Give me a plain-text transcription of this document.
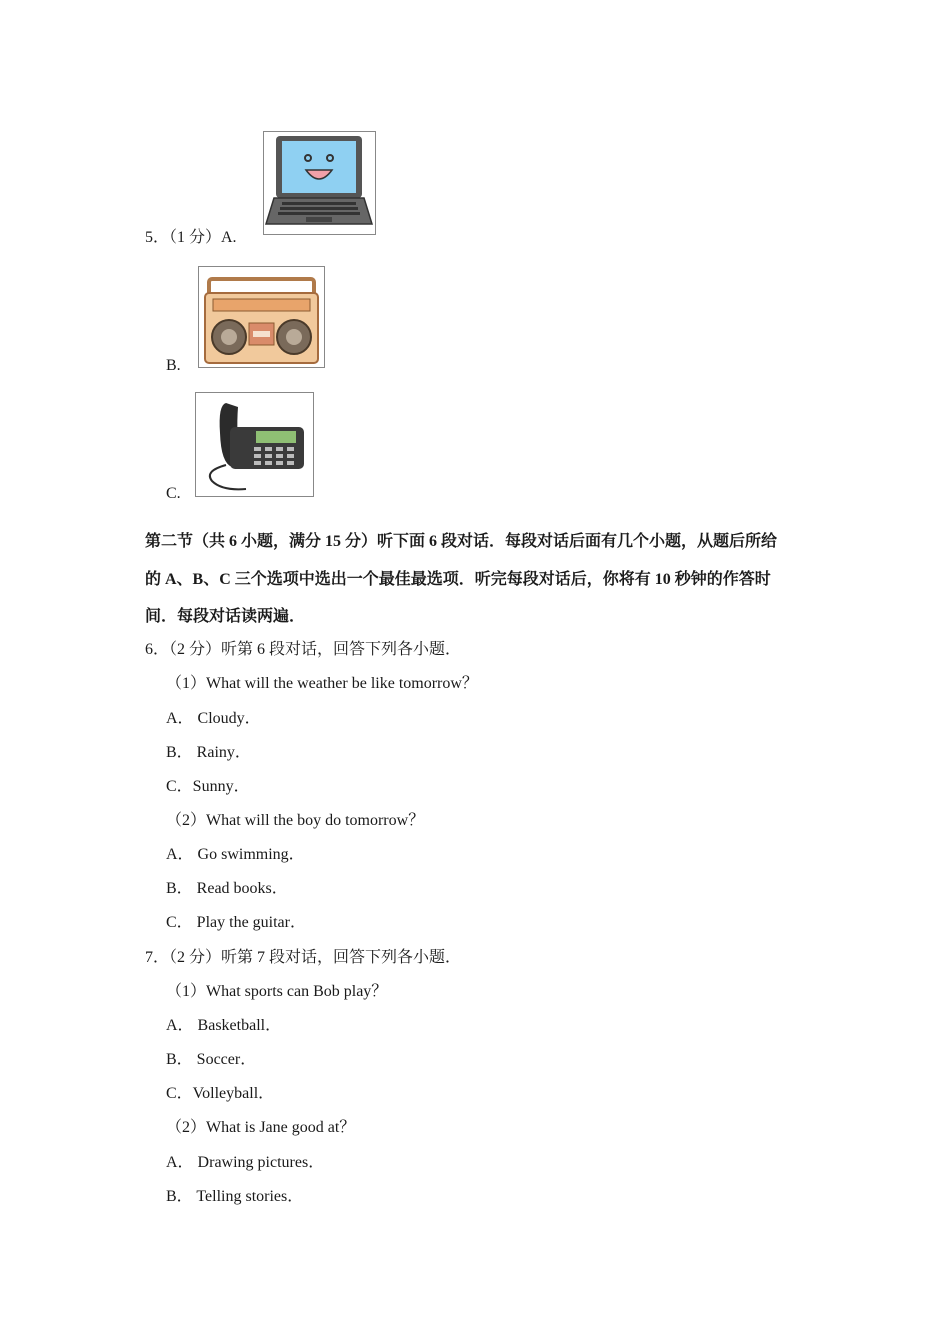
5．（1 分）A.
B.
C.
第二节（共 6 小题，满分 15 分）听下面 6 段对话．每段对话后面有几个小题，从题后所给
的 A、B、C 三个选项中选出一个最佳最选项．听完每段对话后，你将有 10 秒钟的作答时
间．每段对话读两遍．
6．（2 分）听第 6 段对话，回答下列各小题．
（1）What will the weather be like tomorrow？
A． Cloudy．
B． Rainy．
C．Sunny．
（2）What will the boy do tomorrow？
A． Go swimming．
B． Read books．
C． Play the guitar．
7．（2 分）听第 7 段对话，回答下列各小题．
（1）What sports can Bob play？
A． Basketball．
B． Soccer．
C．Volleyball．
（2）What is Jane good at？
A． Drawing pictures．
B． Telling stories．
